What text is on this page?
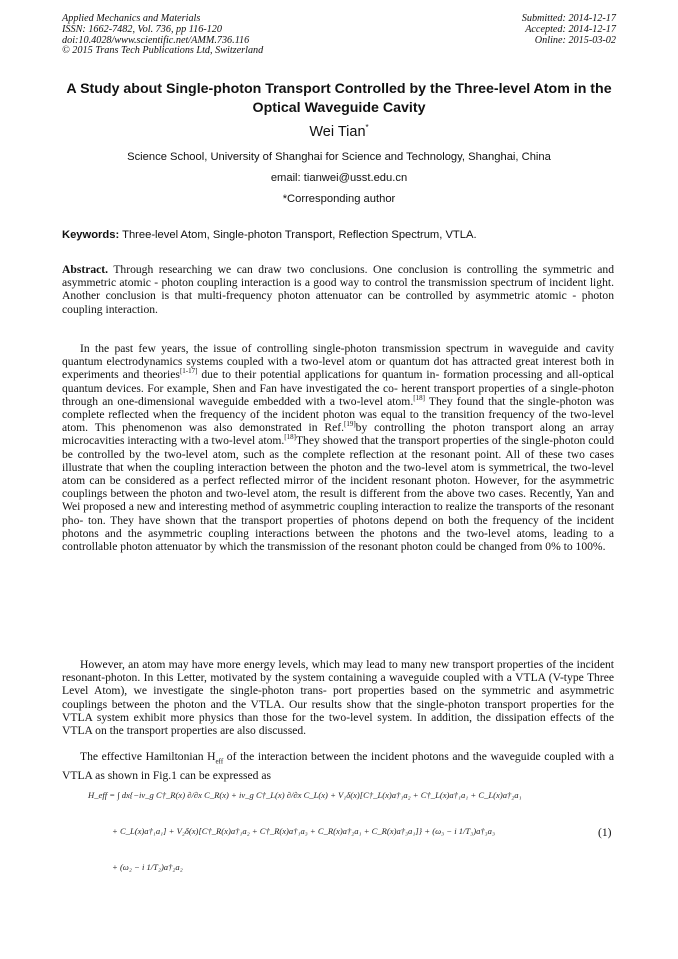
Applied Mechanics and Materials
ISSN: 1662-7482, Vol. 736, pp 116-120
doi:10.4028/www.scientific.net/AMM.736.116
© 2015 Trans Tech Publications Ltd, Switzerland
Submitted: 2014-12-17
Accepted: 2014-12-17
Online: 2015-03-02
A Study about Single-photon Transport Controlled by the Three-level Atom in the Optical Waveguide Cavity
Wei Tian*
Science School, University of Shanghai for Science and Technology, Shanghai, China
email: tianwei@usst.edu.cn
*Corresponding author
Keywords: Three-level Atom, Single-photon Transport, Reflection Spectrum, VTLA.
Abstract. Through researching we can draw two conclusions. One conclusion is controlling the symmetric and asymmetric atomic - photon coupling interaction is a good way to control the transmission spectrum of incident light. Another conclusion is that multi-frequency photon attenuator can be controlled by asymmetric atomic - photon coupling interaction.
In the past few years, the issue of controlling single-photon transmission spectrum in waveguide and cavity quantum electrodynamics systems coupled with a two-level atom or quantum dot has attracted great interest both in experiments and theories[1-17] due to their potential applications for quantum in- formation processing and all-optical quantum devices. For example, Shen and Fan have investigated the co- herent transport properties of a single-photon through an one-dimensional waveguide embedded with a two-level atom.[18] They found that the single-photon was complete reflected when the frequency of the incident photon was equal to the transition frequency of the two-level atom. This phenomenon was also demonstrated in Ref.[19]by controlling the photon transport along an array microcavities interacting with a two-level atom.[18]They showed that the transport properties of the single-photon could be controlled by the two-level atom, such as the complete reflection at the resonant point. All of these two cases illustrate that when the coupling interaction between the photon and the two-level atom is symmetrical, the two-level atom can be considered as a perfect reflected mirror of the incident resonant photon. However, for the asymmetric couplings between the photon and two-level atom, the result is different from the above two cases. Recently, Yan and Wei proposed a new and interesting method of asymmetric coupling interaction to realize the transports of the resonant pho- ton. They have shown that the transport properties of photons depend on both the frequency of the incident photons and the asymmetric coupling interactions between the photons and the two-level atoms, leading to a controllable photon attenuator by which the transmission of the resonant photon could be changed from 0% to 100%.
However, an atom may have more energy levels, which may lead to many new transport properties of the incident resonant-photon. In this Letter, motivated by the system containing a waveguide coupled with a VTLA (V-type Three Level Atom), we investigate the single-photon trans- port properties based on the symmetric and asymmetric couplings between the photon and the VTLA. Our results show that the single-photon transport properties for the VTLA system exhibit more physics than those for the two-level system. In addition, the dissipation effects of the VTLA on the transport properties are also discussed.
The effective Hamiltonian $H_{eff}$ of the interaction between the incident photons and the waveguide coupled with a VTLA as shown in Fig.1 can be expressed as
H_eff = ∫ dx{−iv_g C†_R(x) ∂/∂x C_R(x) + iv_g C†_L(x) ∂/∂x C_L(x) + V₁δ(x)[C†_L(x)a†₁a₂ + C†_L(x)a†₁a₁ + C_L(x)a†₂a₁
+ C_L(x)a†₁a₁] + V₂δ(x)[C†_R(x)a†₁a₂ + C†_R(x)a†₁a₃ + C_R(x)a†₂a₁ + C_R(x)a†₃a₁]} + (ω₃ − i 1/T₃)a†₃a₃
+ (ω₂ − i 1/T₂)a†₂a₂
(1)
